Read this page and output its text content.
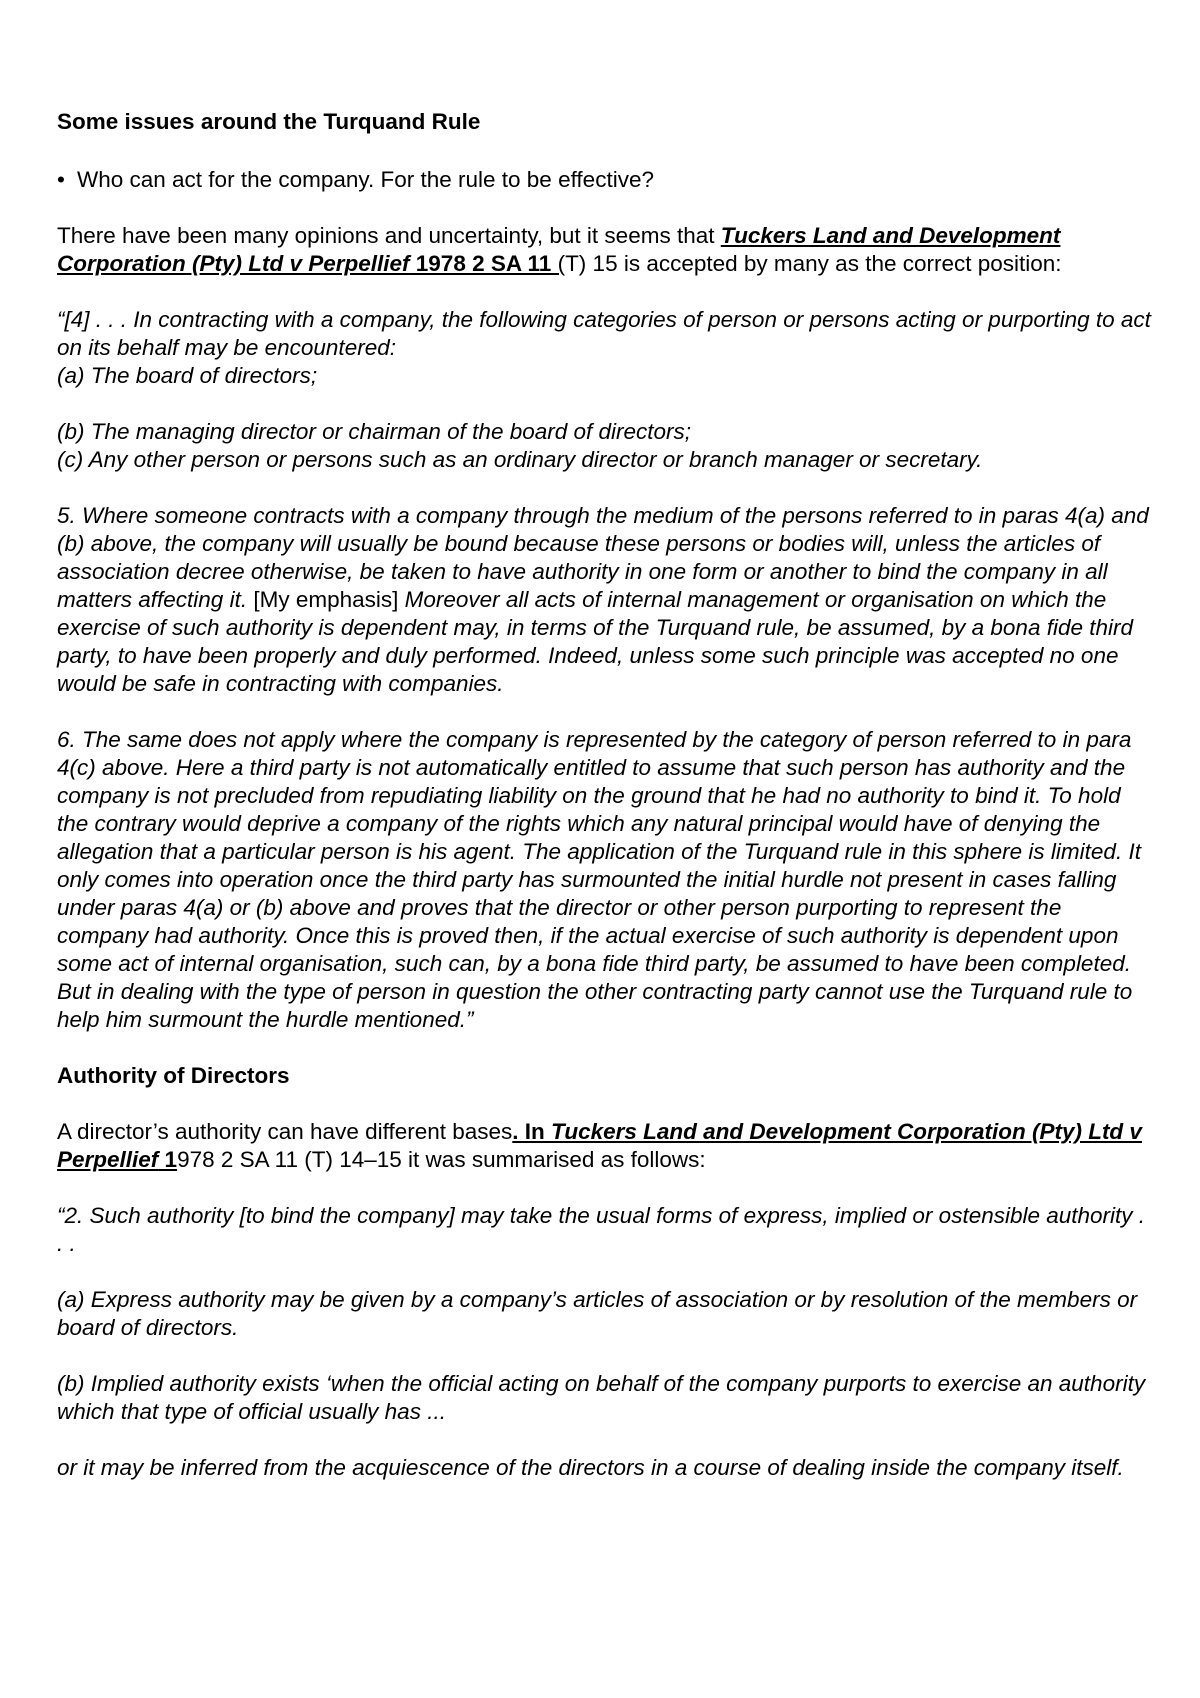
Some issues around the Turquand Rule

• Who can act for the company. For the rule to be effective?

There have been many opinions and uncertainty, but it seems that Tuckers Land and Development Corporation (Pty) Ltd v Perpellief 1978 2 SA 11 (T) 15 is accepted by many as the correct position:

“[4] . . . In contracting with a company, the following categories of person or persons acting or purporting to act on its behalf may be encountered:

(a) The board of directors;

(b) The managing director or chairman of the board of directors;

(c) Any other person or persons such as an ordinary director or branch manager or secretary.

5. Where someone contracts with a company through the medium of the persons referred to in paras 4(a) and (b) above, the company will usually be bound because these persons or bodies will, unless the articles of association decree otherwise, be taken to have authority in one form or another to bind the company in all matters affecting it. [My emphasis] Moreover all acts of internal management or organisation on which the exercise of such authority is dependent may, in terms of the Turquand rule, be assumed, by a bona fide third party, to have been properly and duly performed. Indeed, unless some such principle was accepted no one would be safe in contracting with companies.

6. The same does not apply where the company is represented by the category of person referred to in para 4(c) above. Here a third party is not automatically entitled to assume that such person has authority and the company is not precluded from repudiating liability on the ground that he had no authority to bind it. To hold the contrary would deprive a company of the rights which any natural principal would have of denying the allegation that a particular person is his agent. The application of the Turquand rule in this sphere is limited. It only comes into operation once the third party has surmounted the initial hurdle not present in cases falling under paras 4(a) or (b) above and proves that the director or other person purporting to represent the company had authority. Once this is proved then, if the actual exercise of such authority is dependent upon some act of internal organisation, such can, by a bona fide third party, be assumed to have been completed. But in dealing with the type of person in question the other contracting party cannot use the Turquand rule to help him surmount the hurdle mentioned.”

Authority of Directors

A director’s authority can have different bases. In Tuckers Land and Development Corporation (Pty) Ltd v Perpellief 1978 2 SA 11 (T) 14–15 it was summarised as follows:

“2. Such authority [to bind the company] may take the usual forms of express, implied or ostensible authority . . .

(a) Express authority may be given by a company’s articles of association or by resolution of the members or board of directors.

(b) Implied authority exists ‘when the official acting on behalf of the company purports to exercise an authority which that type of official usually has ...

or it may be inferred from the acquiescence of the directors in a course of dealing inside the company itself.
